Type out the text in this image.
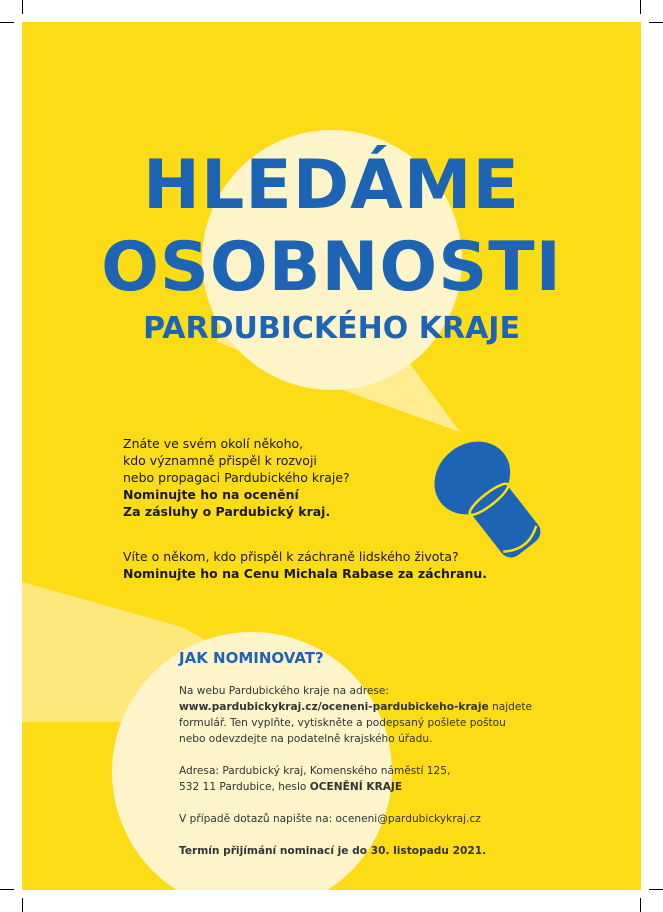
HLEDÁME
OSOBNOSTI
PARDUBICKÉHO KRAJE
Znáte ve svém okolí někoho,
kdo významně přispěl k rozvoji
nebo propagaci Pardubického kraje?
Nominujte ho na ocenění
Za zásluhy o Pardubický kraj.
Víte o někom, kdo přispěl k záchraně lidského života?
Nominujte ho na Cenu Michala Rabase za záchranu.
JAK NOMINOVAT?
Na webu Pardubického kraje na adrese:
www.pardubickykraj.cz/oceneni-pardubickeho-kraje najdete
formulář. Ten vyplňte, vytiskněte a podepsaný pošlete poštou
nebo odevzdejte na podatelně krajského úřadu.
Adresa: Pardubický kraj, Komenského náměstí 125,
532 11 Pardubice, heslo OCENĚNÍ KRAJE
V případě dotazů napište na: oceneni@pardubickykraj.cz
Termín přijímání nominací je do 30. listopadu 2021.
